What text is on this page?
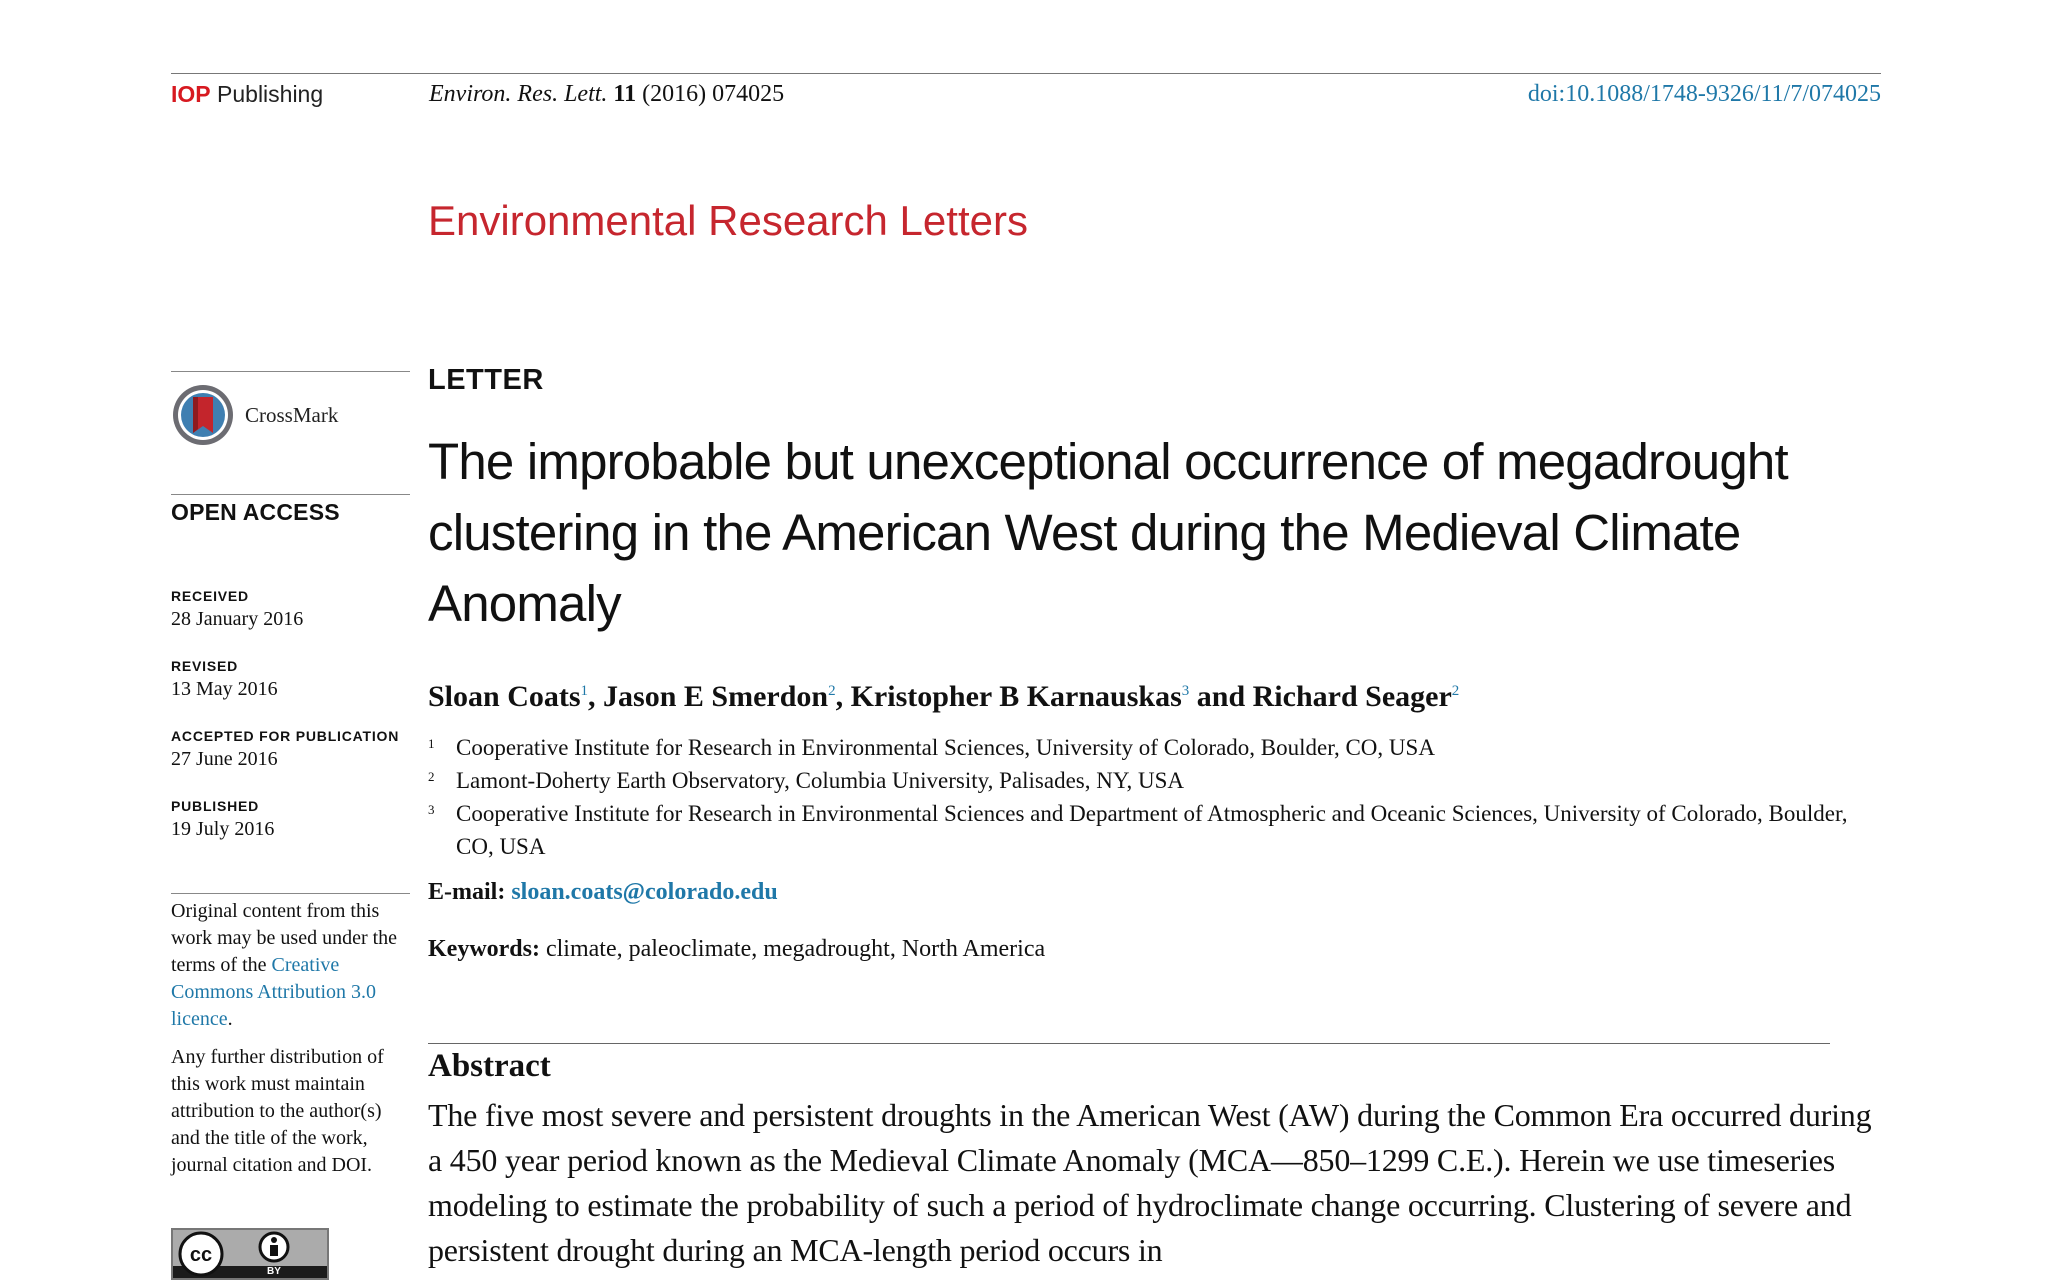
IOP Publishing	Environ. Res. Lett. 11 (2016) 074025	doi:10.1088/1748-9326/11/7/074025
Environmental Research Letters
CrossMark
OPEN ACCESS
RECEIVED
28 January 2016
REVISED
13 May 2016
ACCEPTED FOR PUBLICATION
27 June 2016
PUBLISHED
19 July 2016
Original content from this work may be used under the terms of the Creative Commons Attribution 3.0 licence.
Any further distribution of this work must maintain attribution to the author(s) and the title of the work, journal citation and DOI.
cc
BY
LETTER
The improbable but unexceptional occurrence of megadrought clustering in the American West during the Medieval Climate Anomaly
Sloan Coats$^1$, Jason E Smerdon$^2$, Kristopher B Karnauskas$^3$ and Richard Seager$^2$
1 Cooperative Institute for Research in Environmental Sciences, University of Colorado, Boulder, CO, USA
2 Lamont-Doherty Earth Observatory, Columbia University, Palisades, NY, USA
3 Cooperative Institute for Research in Environmental Sciences and Department of Atmospheric and Oceanic Sciences, University of Colorado, Boulder, CO, USA
E-mail: sloan.coats@colorado.edu
Keywords: climate, paleoclimate, megadrought, North America
Abstract
The five most severe and persistent droughts in the American West (AW) during the Common Era occurred during a 450 year period known as the Medieval Climate Anomaly (MCA—850–1299 C.E.). Herein we use timeseries modeling to estimate the probability of such a period of hydroclimate change occurring. Clustering of severe and persistent drought during an MCA-length period occurs in
